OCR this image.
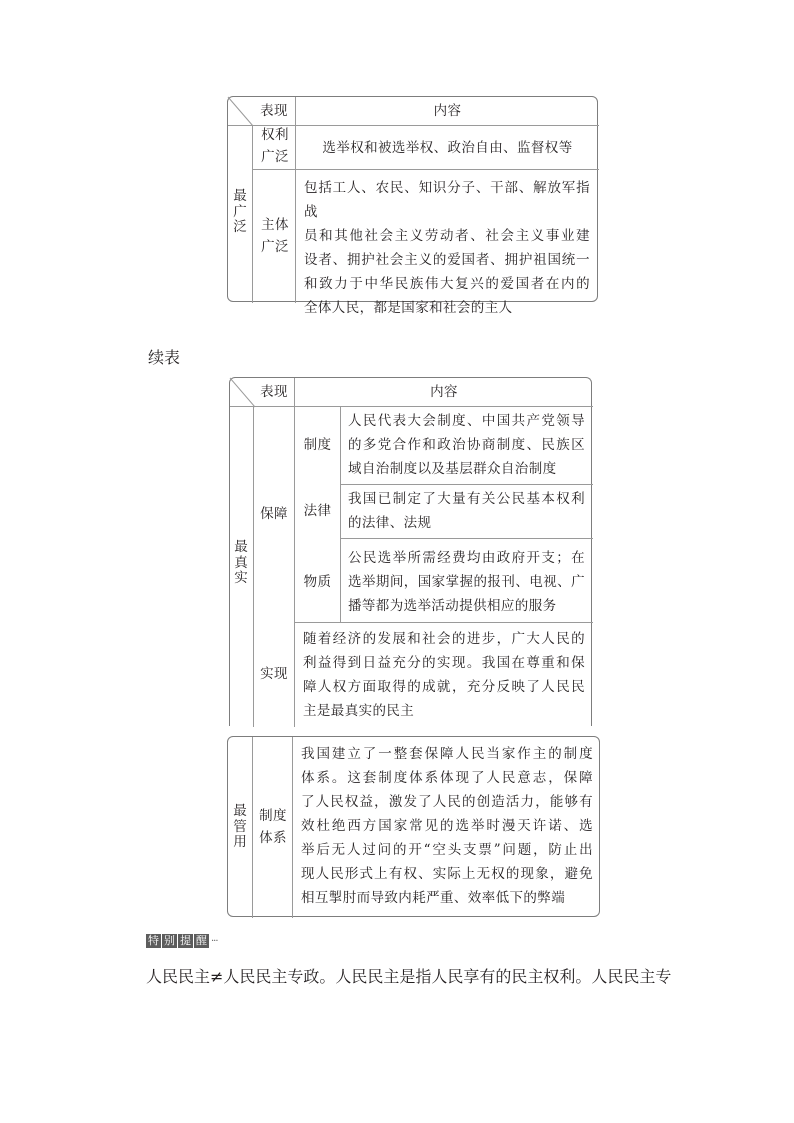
表现	内容
最广泛
权利广泛
选举权和被选举权、政治自由、监督权等
主体广泛
包括工人、农民、知识分子、干部、解放军指战
员和其他社会主义劳动者、社会主义事业建
设者、拥护社会主义的爱国者、拥护祖国统一
和致力于中华民族伟大复兴的爱国者在内的
全体人民，都是国家和社会的主人
续表
表现	内容
最真实
保障
制度
人民代表大会制度、中国共产党领导
的多党合作和政治协商制度、民族区
域自治制度以及基层群众自治制度
法律
我国已制定了大量有关公民基本权利
的法律、法规
物质
公民选举所需经费均由政府开支；在
选举期间，国家掌握的报刊、电视、广
播等都为选举活动提供相应的服务
实现
随着经济的发展和社会的进步，广大人民的
利益得到日益充分的实现。我国在尊重和保
障人权方面取得的成就，充分反映了人民民
主是最真实的民主
最管用
制度体系
我国建立了一整套保障人民当家作主的制度
体系。这套制度体系体现了人民意志，保障
了人民权益，激发了人民的创造活力，能够有
效杜绝西方国家常见的选举时漫天许诺、选
举后无人过问的开“空头支票”问题，防止出
现人民形式上有权、实际上无权的现象，避免
相互掣肘而导致内耗严重、效率低下的弊端
特 别 提 醒 ···
人民民主≠人民民主专政。人民民主是指人民享有的民主权利。人民民主专
